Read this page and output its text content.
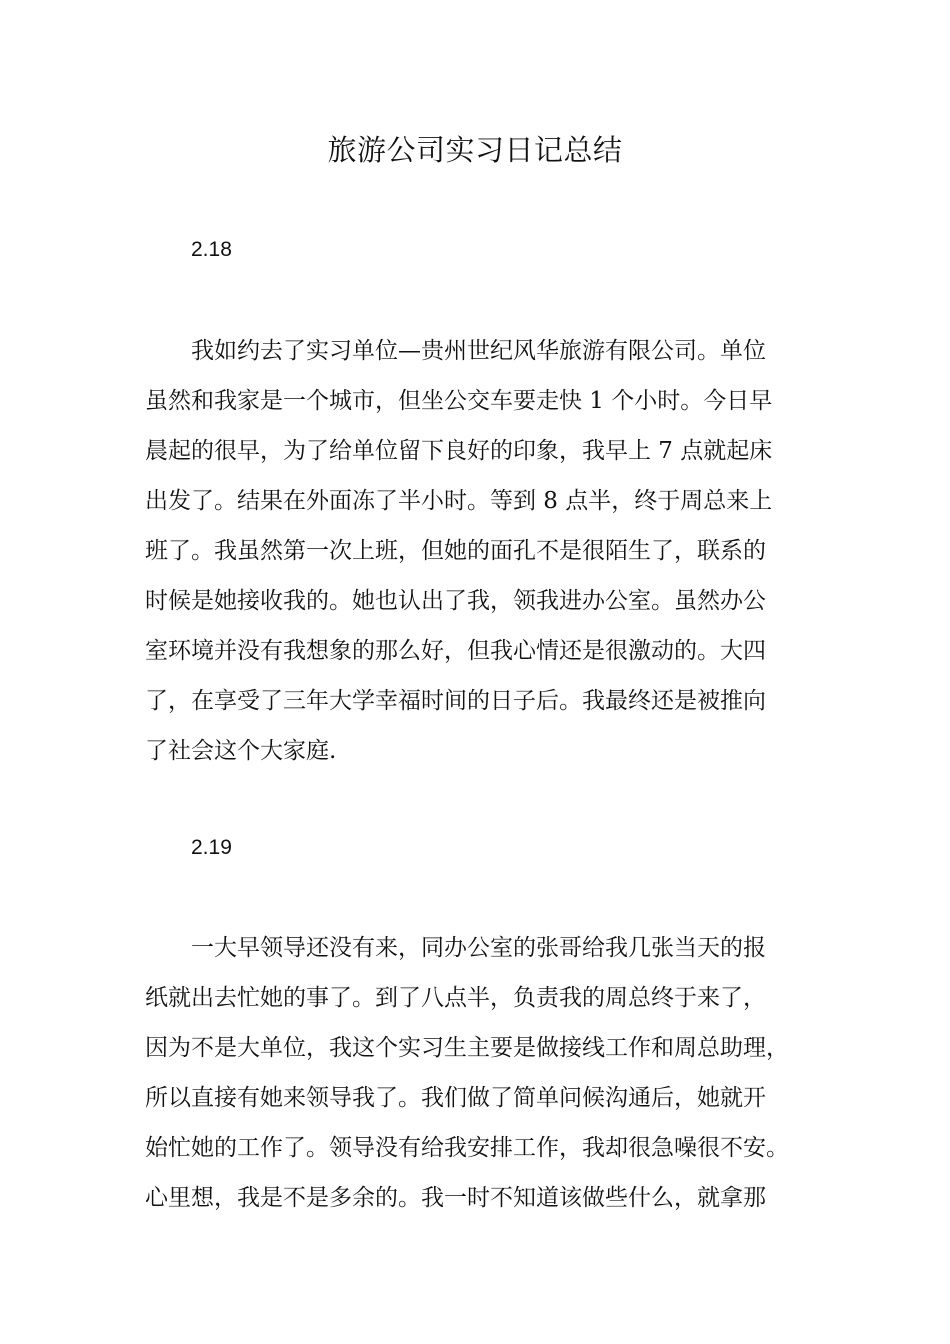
旅游公司实习日记总结
2.18
我如约去了实习单位—贵州世纪风华旅游有限公司。单位
虽然和我家是一个城市，但坐公交车要走快 1 个小时。今日早
晨起的很早，为了给单位留下良好的印象，我早上 7 点就起床
出发了。结果在外面冻了半小时。等到 8 点半，终于周总来上
班了。我虽然第一次上班，但她的面孔不是很陌生了，联系的
时候是她接收我的。她也认出了我，领我进办公室。虽然办公
室环境并没有我想象的那么好，但我心情还是很激动的。大四
了，在享受了三年大学幸福时间的日子后。我最终还是被推向
了社会这个大家庭.
2.19
一大早领导还没有来，同办公室的张哥给我几张当天的报
纸就出去忙她的事了。到了八点半，负责我的周总终于来了，
因为不是大单位，我这个实习生主要是做接线工作和周总助理，
所以直接有她来领导我了。我们做了简单问候沟通后，她就开
始忙她的工作了。领导没有给我安排工作，我却很急噪很不安。
心里想，我是不是多余的。我一时不知道该做些什么，就拿那
